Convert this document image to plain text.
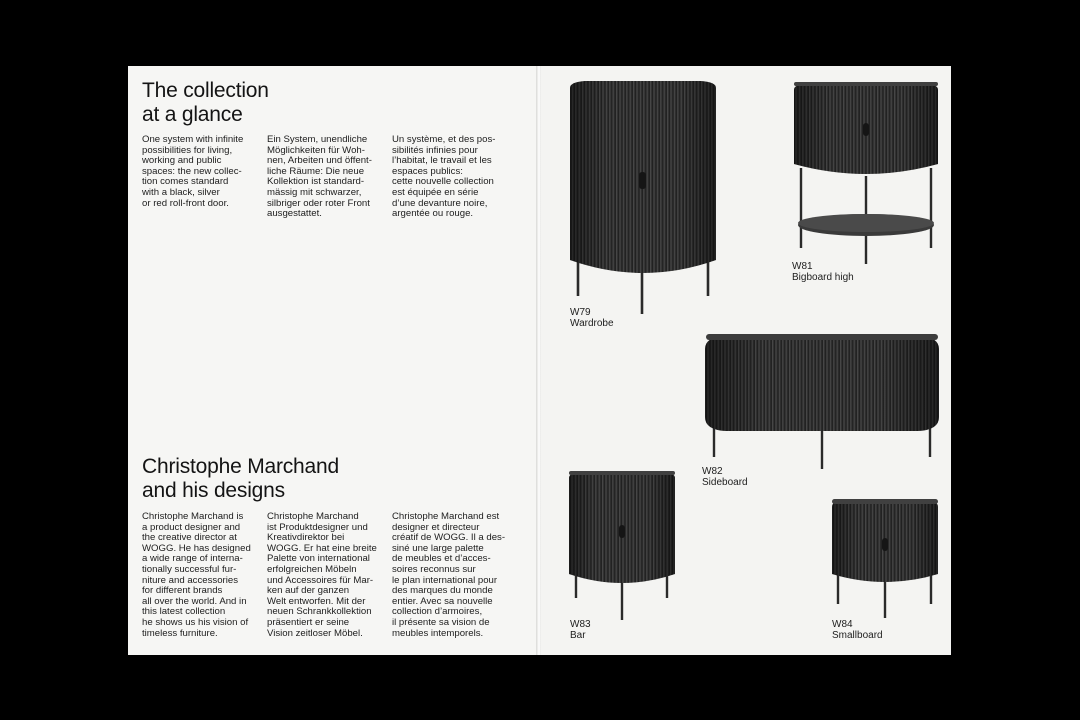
The collection
at a glance

One system with infinite
possibilities for living,
working and public
spaces: the new collec-
tion comes standard
with a black, silver
or red roll-front door.

Ein System, unendliche
Möglichkeiten für Woh-
nen, Arbeiten und öffent-
liche Räume: Die neue
Kollektion ist standard-
mässig mit schwarzer,
silbriger oder roter Front
ausgestattet.

Un système, et des pos-
sibilités infinies pour
l’habitat, le travail et les
espaces publics:
cette nouvelle collection
est équipée en série
d’une devanture noire,
argentée ou rouge.

Christophe Marchand
and his designs

Christophe Marchand is
a product designer and
the creative director at
WOGG. He has designed
a wide range of interna-
tionally successful fur-
niture and accessories
for different brands
all over the world. And in
this latest collection
he shows us his vision of
timeless furniture.

Christophe Marchand
ist Produktdesigner und
Kreativdirektor bei
WOGG. Er hat eine breite
Palette von international
erfolgreichen Möbeln
und Accessoires für Mar-
ken auf der ganzen
Welt entworfen. Mit der
neuen Schrankkollektion
präsentiert er seine
Vision zeitloser Möbel.

Christophe Marchand est
designer et directeur
créatif de WOGG. Il a des-
siné une large palette
de meubles et d’acces-
soires reconnus sur
le plan international pour
des marques du monde
entier. Avec sa nouvelle
collection d’armoires,
il présente sa vision de
meubles intemporels.

W79
Wardrobe
W81
Bigboard high
W82
Sideboard
W83
Bar
W84
Smallboard
